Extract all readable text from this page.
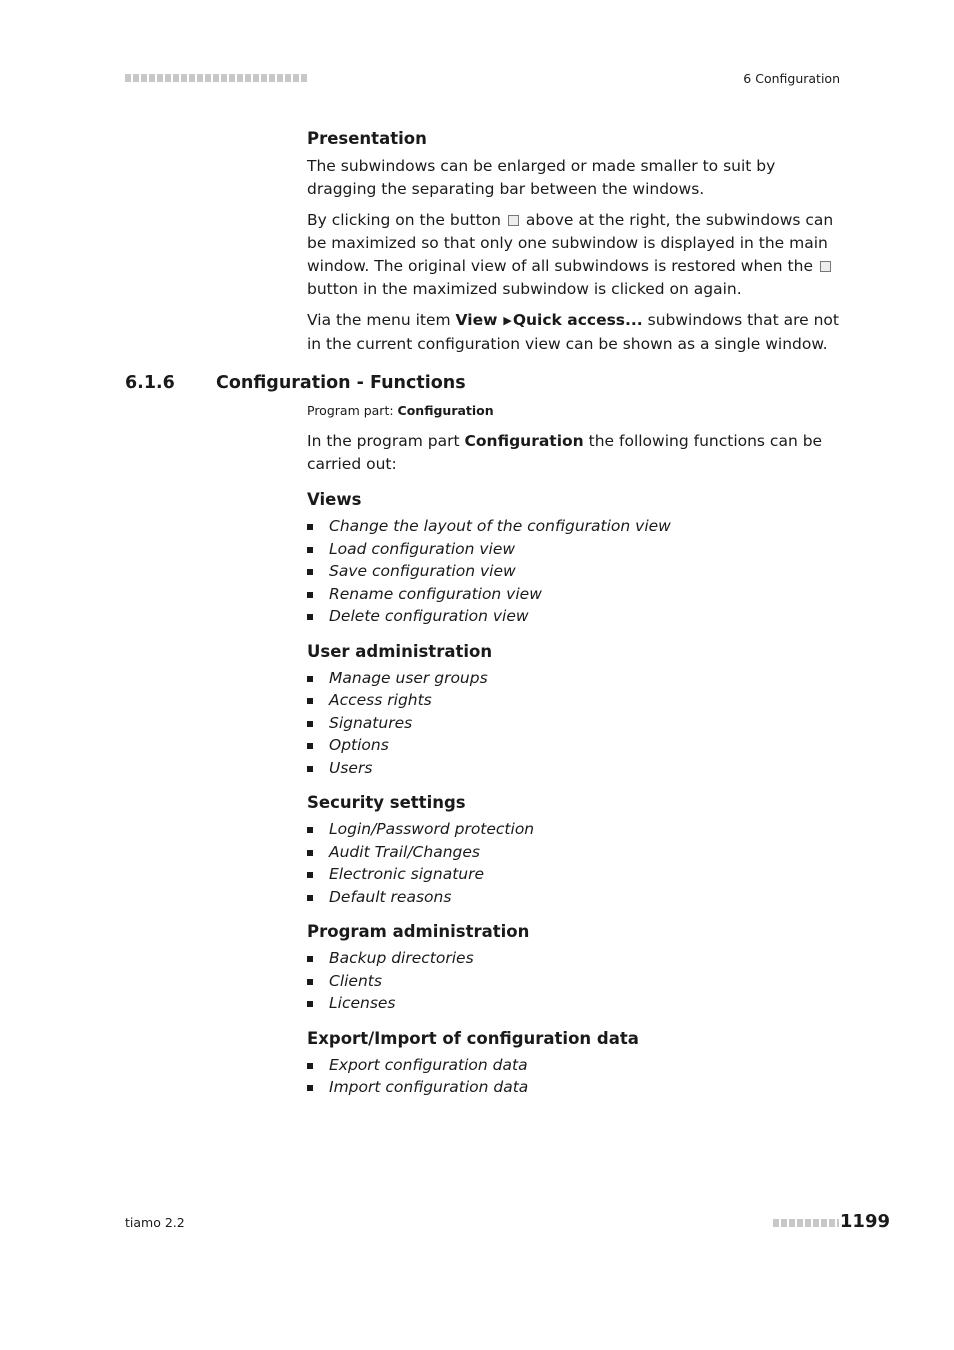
6 Configuration
Presentation

The subwindows can be enlarged or made smaller to suit by dragging the separating bar between the windows.

By clicking on the button above at the right, the subwindows can be maximized so that only one subwindow is displayed in the main window. The original view of all subwindows is restored when the  button in the maximized subwindow is clicked on again.

Via the menu item View ▶Quick access... subwindows that are not in the current configuration view can be shown as a single window.

6.1.6 Configuration - Functions
Program part: Configuration

In the program part Configuration the following functions can be carried out:

Views
Change the layout of the configuration view
Load configuration view
Save configuration view
Rename configuration view
Delete configuration view
User administration
Manage user groups
Access rights
Signatures
Options
Users
Security settings
Login/Password protection
Audit Trail/Changes
Electronic signature
Default reasons
Program administration
Backup directories
Clients
Licenses
Export/Import of configuration data
Export configuration data
Import configuration data
tiamo 2.2	1199
